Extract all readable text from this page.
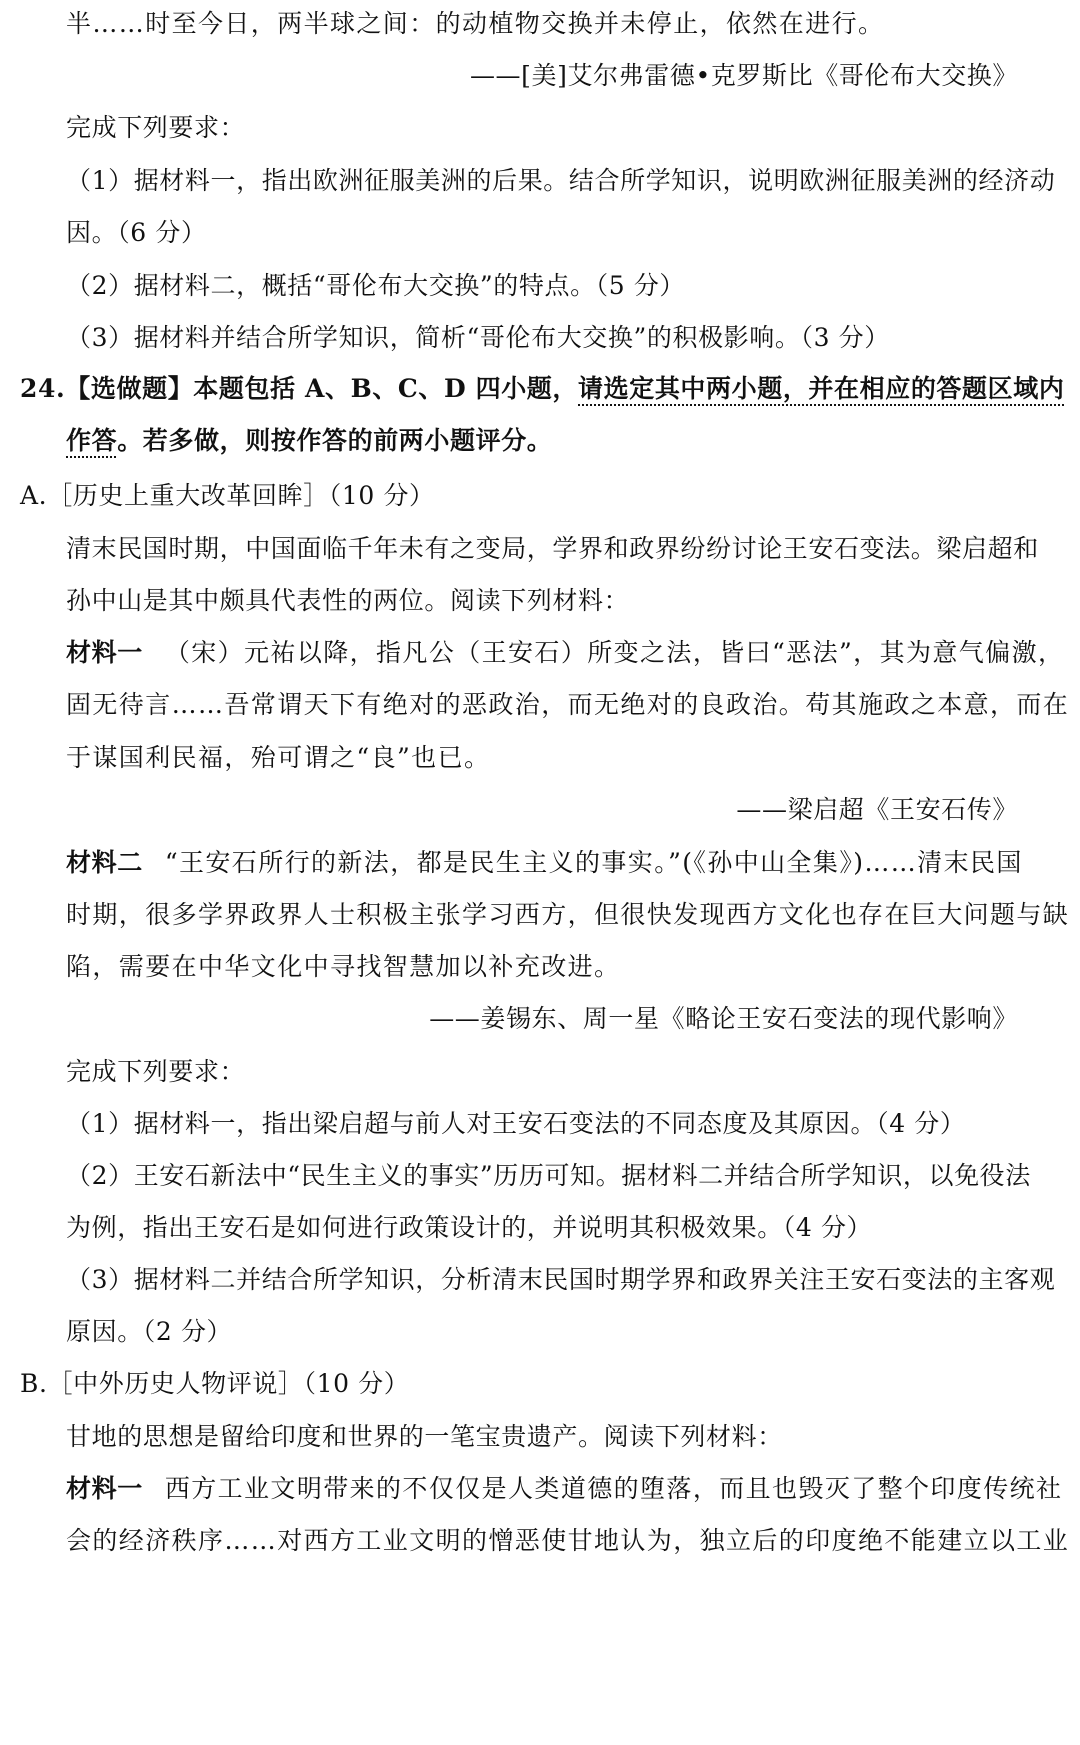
半……时至今日，两半球之间：的动植物交换并未停止，依然在进行。
——[美]艾尔弗雷德•克罗斯比《哥伦布大交换》
完成下列要求：
（1）据材料一，指出欧洲征服美洲的后果。结合所学知识，说明欧洲征服美洲的经济动
因。（6 分）
（2）据材料二，概括“哥伦布大交换”的特点。（5 分）
（3）据材料并结合所学知识，简析“哥伦布大交换”的积极影响。（3 分）
24.【选做题】本题包括 A、B、C、D 四小题，请选定其中两小题，并在相应的答题区域内
作答。若多做，则按作答的前两小题评分。
A.［历史上重大改革回眸］（10 分）
清末民国时期，中国面临千年未有之变局，学界和政界纷纷讨论王安石变法。梁启超和
孙中山是其中颇具代表性的两位。阅读下列材料：
材料一 （宋）元祐以降，指凡公（王安石）所变之法，皆曰“恶法”，其为意气偏激，
固无待言……吾常谓天下有绝对的恶政治，而无绝对的良政治。苟其施政之本意，而在
于谋国利民福，殆可谓之“良”也已。
——梁启超《王安石传》
材料二 “王安石所行的新法，都是民生主义的事实。”(《孙中山全集》)……清末民国
时期，很多学界政界人士积极主张学习西方，但很快发现西方文化也存在巨大问题与缺
陷，需要在中华文化中寻找智慧加以补充改进。
——姜锡东、周一星《略论王安石变法的现代影响》
完成下列要求：
（1）据材料一，指出梁启超与前人对王安石变法的不同态度及其原因。（4 分）
（2）王安石新法中“民生主义的事实”历历可知。据材料二并结合所学知识，以免役法
为例，指出王安石是如何进行政策设计的，并说明其积极效果。（4 分）
（3）据材料二并结合所学知识，分析清末民国时期学界和政界关注王安石变法的主客观
原因。（2 分）
B.［中外历史人物评说］（10 分）
甘地的思想是留给印度和世界的一笔宝贵遗产。阅读下列材料：
材料一 西方工业文明带来的不仅仅是人类道德的堕落，而且也毁灭了整个印度传统社
会的经济秩序……对西方工业文明的憎恶使甘地认为，独立后的印度绝不能建立以工业
